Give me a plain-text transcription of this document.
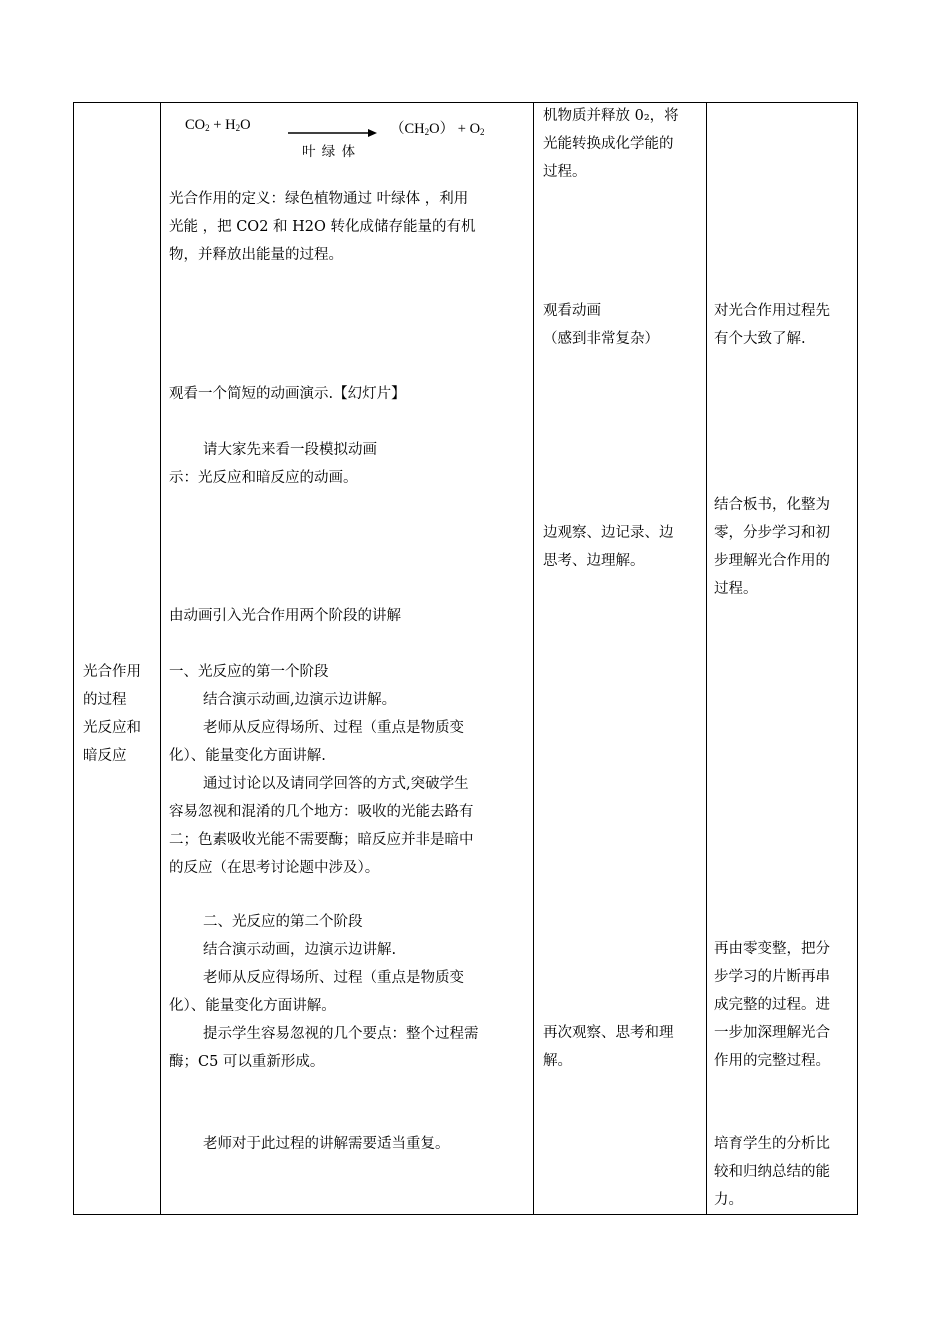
光合作用
的过程
光反应和
暗反应
$CO_2 + H_2O$
叶 绿 体
$(CH_2O) + O_2$
光合作用的定义：绿色植物通过 叶绿体 ，利用
光能 ，把 CO2 和 H2O 转化成储存能量的有机
物，并释放出能量的过程。
观看一个简短的动画演示.【幻灯片】
请大家先来看一段模拟动画
示：光反应和暗反应的动画。
由动画引入光合作用两个阶段的讲解
一、光反应的第一个阶段
结合演示动画,边演示边讲解。
老师从反应得场所、过程（重点是物质变
化）、能量变化方面讲解.
通过讨论以及请同学回答的方式,突破学生
容易忽视和混淆的几个地方：吸收的光能去路有
二；色素吸收光能不需要酶；暗反应并非是暗中
的反应（在思考讨论题中涉及）。
二、光反应的第二个阶段
结合演示动画，边演示边讲解.
老师从反应得场所、过程（重点是物质变
化）、能量变化方面讲解。
提示学生容易忽视的几个要点：整个过程需
酶；C5 可以重新形成。
老师对于此过程的讲解需要适当重复。
机物质并释放 0₂，将
光能转换成化学能的
过程。
观看动画
（感到非常复杂）
边观察、边记录、边
思考、边理解。
再次观察、思考和理
解。
对光合作用过程先
有个大致了解.
结合板书，化整为
零，分步学习和初
步理解光合作用的
过程。
再由零变整，把分
步学习的片断再串
成完整的过程。进
一步加深理解光合
作用的完整过程。
培育学生的分析比
较和归纳总结的能
力。
